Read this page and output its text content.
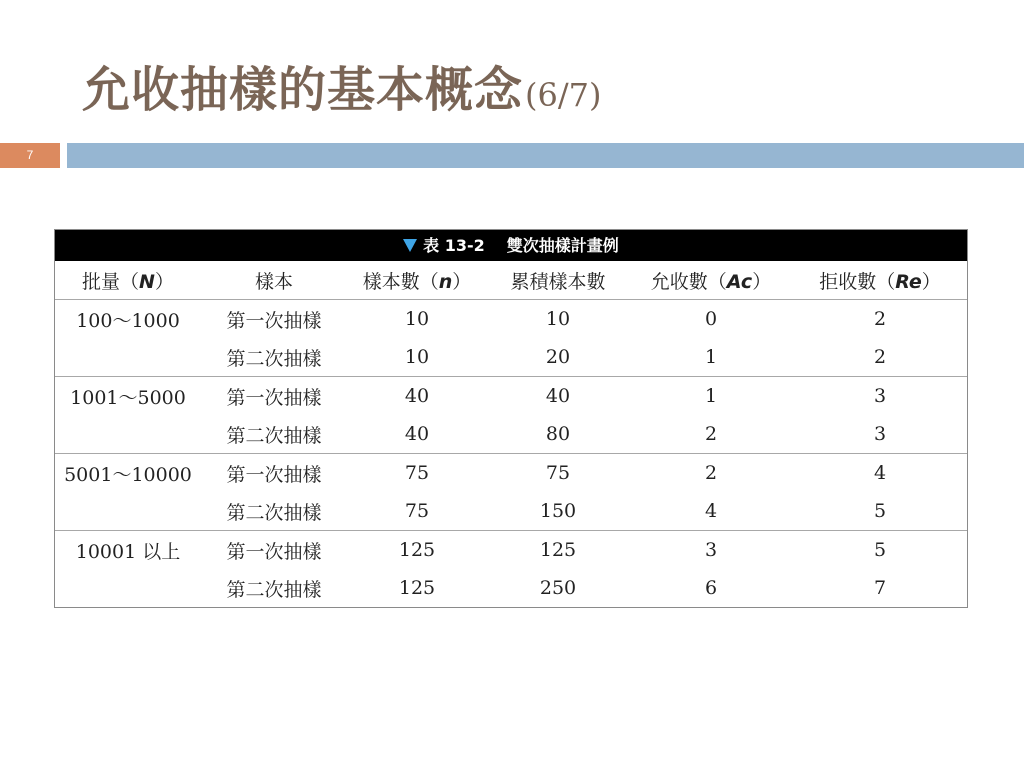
允收抽樣的基本概念(6/7)
7
表 13-2 雙次抽樣計畫例
批量（N）	樣本	樣本數（n）	累積樣本數	允收數（Ac）	拒收數（Re）
100～1000	第一次抽樣	10	10	0	2
	第二次抽樣	10	20	1	2
1001～5000	第一次抽樣	40	40	1	3
	第二次抽樣	40	80	2	3
5001～10000	第一次抽樣	75	75	2	4
	第二次抽樣	75	150	4	5
10001 以上	第一次抽樣	125	125	3	5
	第二次抽樣	125	250	6	7
